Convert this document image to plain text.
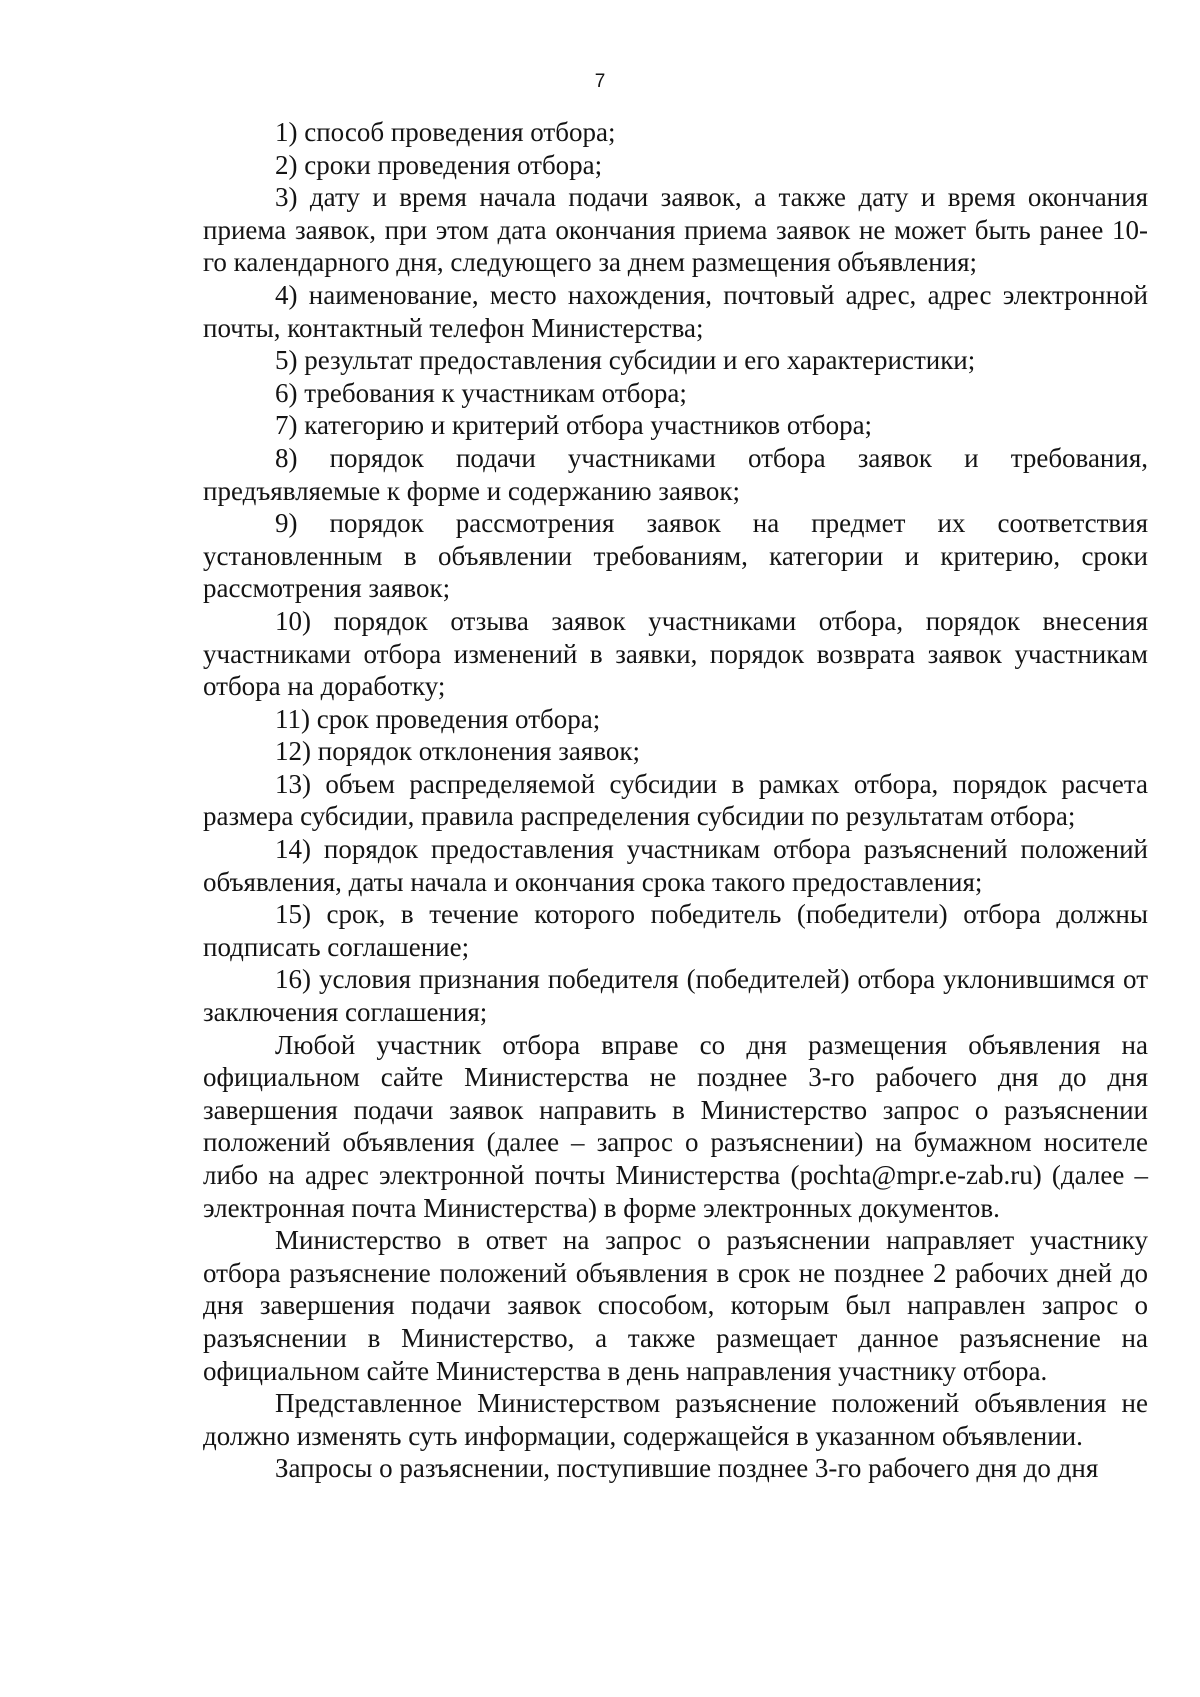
7

1) способ проведения отбора;

2) сроки проведения отбора;

3) дату и время начала подачи заявок, а также дату и время окончания приема заявок, при этом дата окончания приема заявок не может быть ранее 10-го календарного дня, следующего за днем размещения объявления;

4) наименование, место нахождения, почтовый адрес, адрес электронной почты, контактный телефон Министерства;

5) результат предоставления субсидии и его характеристики;

6) требования к участникам отбора;

7) категорию и критерий отбора участников отбора;

8) порядок подачи участниками отбора заявок и требования, предъявляемые к форме и содержанию заявок;

9) порядок рассмотрения заявок на предмет их соответствия установленным в объявлении требованиям, категории и критерию, сроки рассмотрения заявок;

10) порядок отзыва заявок участниками отбора, порядок внесения участниками отбора изменений в заявки, порядок возврата заявок участникам отбора на доработку;

11) срок проведения отбора;

12) порядок отклонения заявок;

13) объем распределяемой субсидии в рамках отбора, порядок расчета размера субсидии, правила распределения субсидии по результатам отбора;

14) порядок предоставления участникам отбора разъяснений положений объявления, даты начала и окончания срока такого предоставления;

15) срок, в течение которого победитель (победители) отбора должны подписать соглашение;

16) условия признания победителя (победителей) отбора уклонившимся от заключения соглашения;

Любой участник отбора вправе со дня размещения объявления на официальном сайте Министерства не позднее 3-го рабочего дня до дня завершения подачи заявок направить в Министерство запрос о разъяснении положений объявления (далее – запрос о разъяснении) на бумажном носителе либо на адрес электронной почты Министерства (pochta@mpr.e-zab.ru) (далее – электронная почта Министерства) в форме электронных документов.

Министерство в ответ на запрос о разъяснении направляет участнику отбора разъяснение положений объявления в срок не позднее 2 рабочих дней до дня завершения подачи заявок способом, которым был направлен запрос о разъяснении в Министерство, а также размещает данное разъяснение на официальном сайте Министерства в день направления участнику отбора.

Представленное Министерством разъяснение положений объявления не должно изменять суть информации, содержащейся в указанном объявлении.

Запросы о разъяснении, поступившие позднее 3-го рабочего дня до дня
